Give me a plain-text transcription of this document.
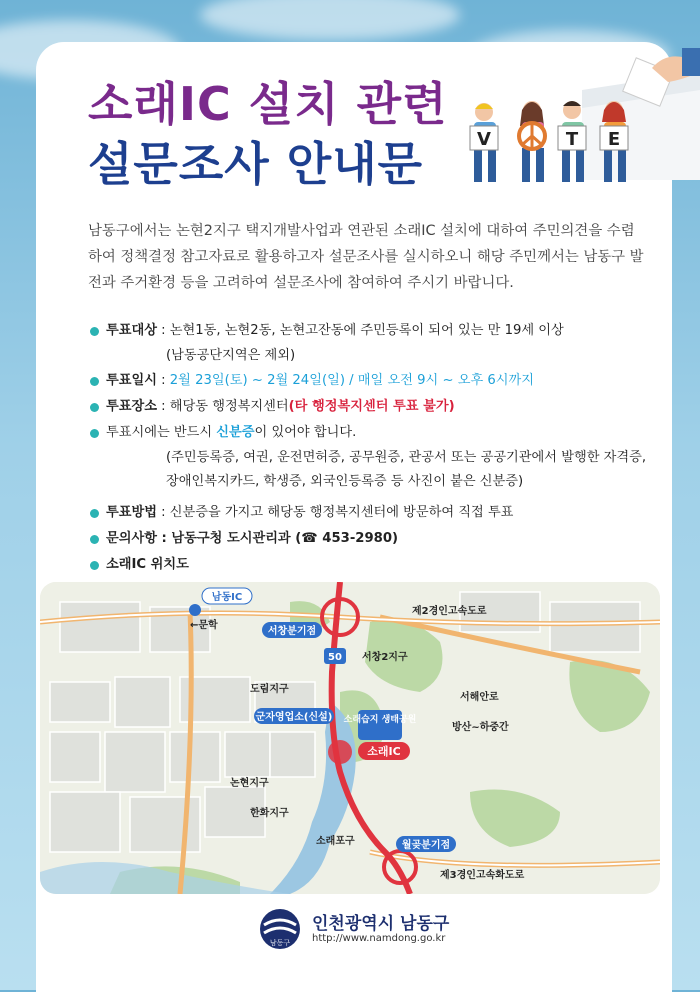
소래IC 설치 관련
설문조사 안내문	V	T E
남동구에서는 논현2지구 택지개발사업과 연관된 소래IC 설치에 대하여 주민의견을 수렴하여 정책결정 참고자료로 활용하고자 설문조사를 실시하오니 해당 주민께서는 남동구 발전과 주거환경 등을 고려하여 설문조사에 참여하여 주시기 바랍니다.
투표대상 : 논현1동, 논현2동, 논현고잔동에 주민등록이 되어 있는 만 19세 이상
(남동공단지역은 제외)
투표일시 : 2월 23일(토) ~ 2월 24일(일) / 매일 오전 9시 ~ 오후 6시까지
투표장소 : 해당동 행정복지센터(타 행정복지센터 투표 불가)
투표시에는 반드시 신분증이 있어야 합니다.
(주민등록증, 여권, 운전면허증, 공무원증, 관공서 또는 공공기관에서 발행한 자격증,
장애인복지카드, 학생증, 외국인등록증 등 사진이 붙은 신분증)
투표방법 : 신분증을 가지고 해당동 행정복지센터에 방문하여 직접 투표
문의사항 : 남동구청 도시관리과 (☎ 453-2980)
소래IC 위치도
50
남동IC
←문학
서창분기점
제2경인고속도로
서창2지구
도림지구
서해안로
방산~하중간
군자영업소(신설) 소래습지 생태공원
소래IC
논현지구
한화지구
소래포구	월곶분기점
제3경인고속화도로
남동구
인천광역시 남동구
http://www.namdong.go.kr
